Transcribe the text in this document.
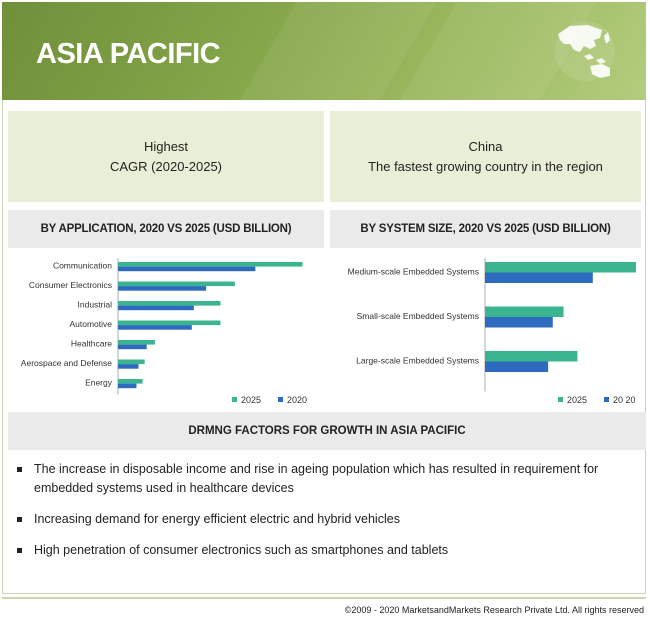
ASIA PACIFIC
Highest
CAGR (2020-2025)
China
The fastest growing country in the region
BY APPLICATION, 2020 VS 2025 (USD BILLION)	BY SYSTEM SIZE, 2020 VS 2025 (USD BILLION)
Communication
Consumer Electronics
Industrial
Automotive
Healthcare
Aerospace and Defense
Energy
2025	2020
Medium-scale Embedded Systems
Small-scale Embedded Systems
Large-scale Embedded Systems
2025	20 20
DRMNG FACTORS FOR GROWTH IN ASIA PACIFIC
The increase in disposable income and rise in ageing population which has resulted in requirement for embedded systems used in healthcare devices
Increasing demand for energy efficient electric and hybrid vehicles
High penetration of consumer electronics such as smartphones and tablets
©2009 - 2020 MarketsandMarkets Research Private Ltd. All rights reserved
